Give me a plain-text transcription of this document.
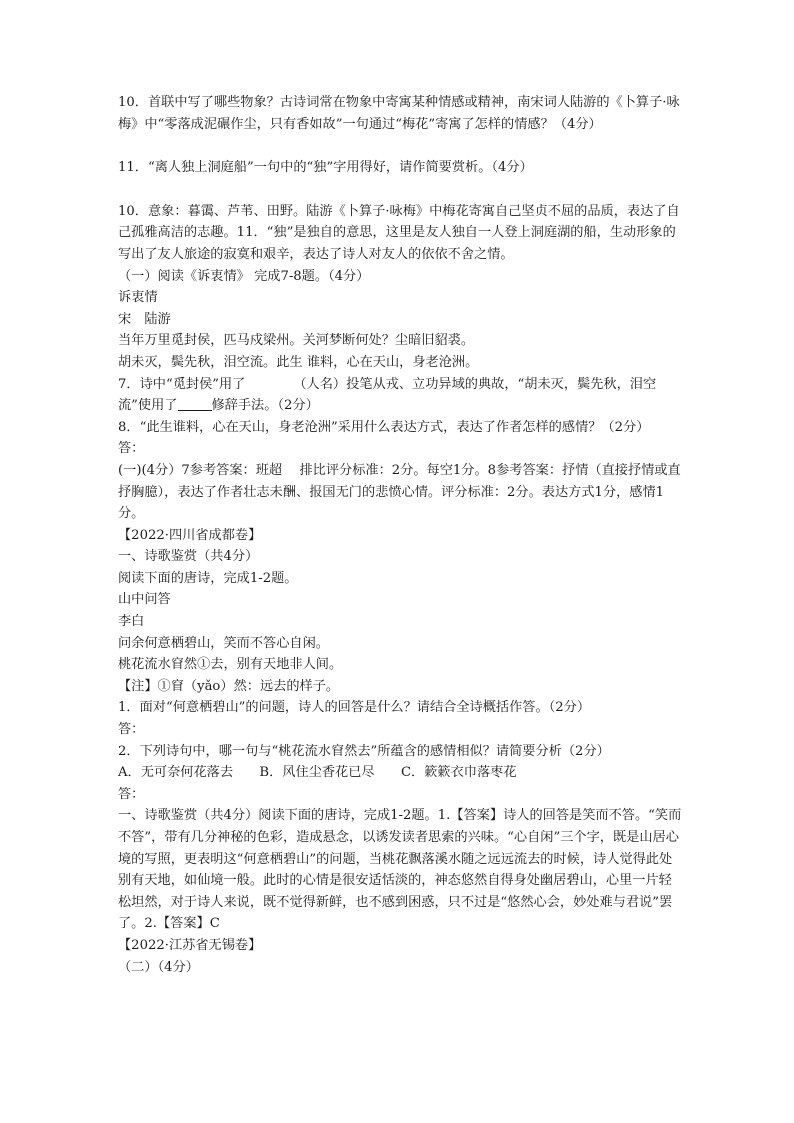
10．首联中写了哪些物象？古诗词常在物象中寄寓某种情感或精神，南宋词人陆游的《卜算子·咏梅》中“零落成泥碾作尘，只有香如故”一句通过“梅花”寄寓了怎样的情感？（4分）

11．“离人独上洞庭船”一句中的“独”字用得好，请作简要赏析。（4分）

10．意象：暮霭、芦苇、田野。陆游《卜算子·咏梅》中梅花寄寓自己坚贞不屈的品质，表达了自己孤雅高洁的志趣。11．“独”是独自的意思，这里是友人独自一人登上洞庭湖的船，生动形象的写出了友人旅途的寂寞和艰辛，表达了诗人对友人的依依不舍之情。

（一）阅读《诉衷情》 完成7-8题。（4分）

诉衷情

宋　陆游

当年万里觅封侯，匹马戍梁州。关河梦断何处？尘暗旧貂裘。

胡未灭，鬓先秋，泪空流。此生 谁料，心在天山，身老沧洲。

7．诗中“觅封侯”用了	（人名）投笔从戎、立功异域的典故，“胡未灭，鬓先秋，泪空流”使用了	修辞手法。（2分）

8．“此生谁料，心在天山，身老沧洲”采用什么表达方式，表达了作者怎样的感情？（2分）

答：

(一)(4分）7参考答案：班超　 排比评分标准：2分。每空1分。8参考答案：抒情（直接抒情或直抒胸臆），表达了作者壮志未酬、报国无门的悲愤心情。评分标准：2分。表达方式1分，感情1分。

【2022·四川省成都卷】

一、诗歌鉴赏（共4分）

阅读下面的唐诗，完成1-2题。

山中问答

李白

问余何意栖碧山，笑而不答心自闲。

桃花流水窅然①去，别有天地非人间。

【注】①窅（yǎo）然：远去的样子。

1．面对“何意栖碧山”的问题，诗人的回答是什么？请结合全诗概括作答。（2分）

答：

2．下列诗句中，哪一句与“桃花流水窅然去”所蕴含的感情相似？请简要分析（2分）

A．无可奈何花落去　　B．风住尘香花已尽　　C．簌簌衣巾落枣花

答：

一、诗歌鉴赏（共4分）阅读下面的唐诗，完成1-2题。1.【答案】诗人的回答是笑而不答。“笑而不答”，带有几分神秘的色彩，造成悬念，以诱发读者思索的兴味。“心自闲”三个字，既是山居心境的写照，更表明这“何意栖碧山”的问题，当桃花飘落溪水随之远远流去的时候，诗人觉得此处别有天地，如仙境一般。此时的心情是很安适恬淡的，神态悠然自得身处幽居碧山，心里一片轻松坦然，对于诗人来说，既不觉得新鲜，也不感到困惑，只不过是“悠然心会，妙处难与君说”罢了。2.【答案】C

【2022·江苏省无锡卷】

（二）（4分）
